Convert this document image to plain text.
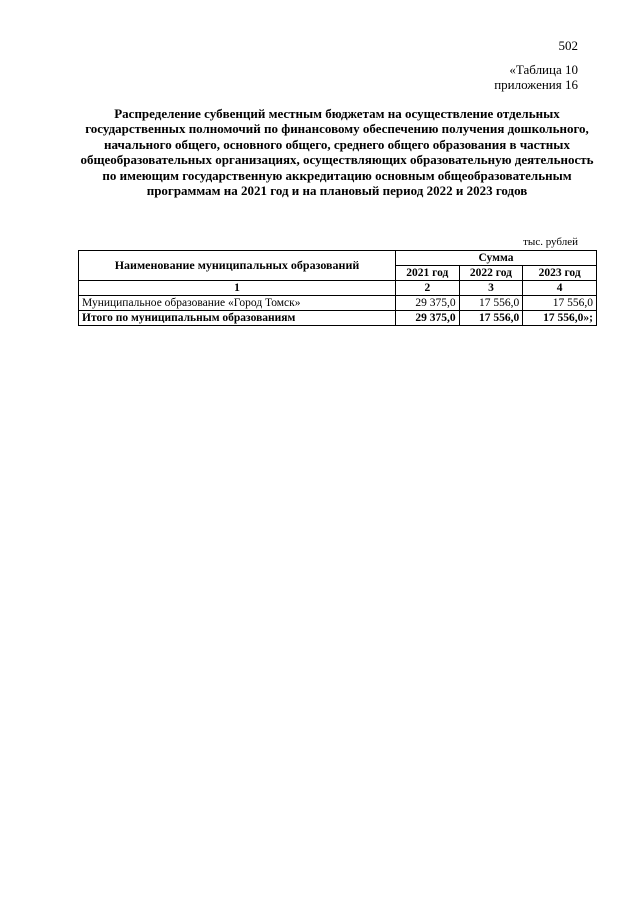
502
«Таблица 10
приложения 16
Распределение субвенций местным бюджетам на осуществление отдельных государственных полномочий по финансовому обеспечению получения дошкольного, начального общего, основного общего, среднего общего образования в частных общеобразовательных организациях, осуществляющих образовательную деятельность по имеющим государственную аккредитацию основным общеобразовательным программам на 2021 год и на плановый период 2022 и 2023 годов
тыс. рублей
Наименование муниципальных образований	Сумма		
	2021 год	2022 год	2023 год
1	2	3	4
Муниципальное образование «Город Томск»	29 375,0	17 556,0	17 556,0
Итого по муниципальным образованиям	29 375,0	17 556,0	17 556,0»;
